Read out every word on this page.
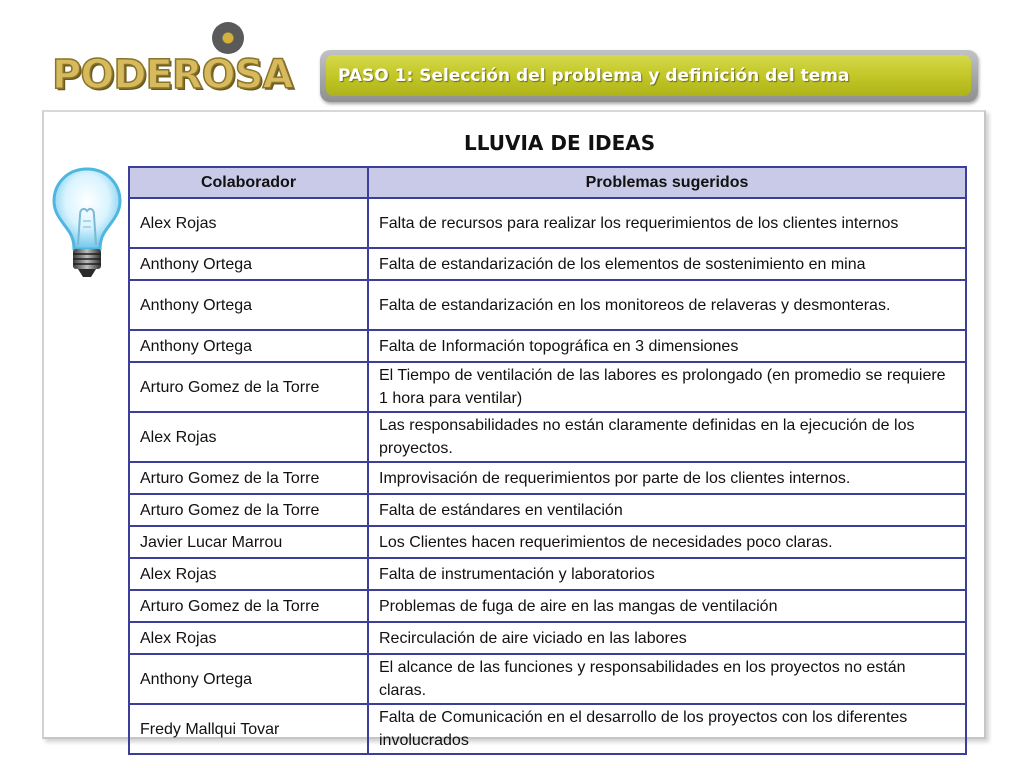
PODEROSA	PASO 1: Selección del problema y definición del tema
LLUVIA DE IDEAS
Colaborador	Problemas sugeridos
Alex Rojas	Falta de recursos para realizar los requerimientos de los clientes internos
Anthony Ortega	Falta de estandarización de los elementos de sostenimiento en mina
Anthony Ortega	Falta de estandarización en los monitoreos de relaveras y desmonteras.
Anthony Ortega	Falta de Información topográfica en 3 dimensiones
Arturo Gomez de la Torre	El Tiempo de ventilación de las labores es prolongado (en promedio se requiere 1 hora para ventilar)
Alex Rojas	Las responsabilidades no están claramente definidas en la ejecución de los proyectos.
Arturo Gomez de la Torre	Improvisación de requerimientos por parte de los clientes internos.
Arturo Gomez de la Torre	Falta de estándares en ventilación
Javier Lucar Marrou	Los Clientes hacen requerimientos de necesidades poco claras.
Alex Rojas	Falta de instrumentación y laboratorios
Arturo Gomez de la Torre	Problemas de fuga de aire en las mangas de ventilación
Alex Rojas	Recirculación de aire viciado en las labores
Anthony Ortega	El alcance de las funciones y responsabilidades en los proyectos no están claras.
Fredy Mallqui Tovar	Falta de Comunicación en el desarrollo de los proyectos con los diferentes involucrados
